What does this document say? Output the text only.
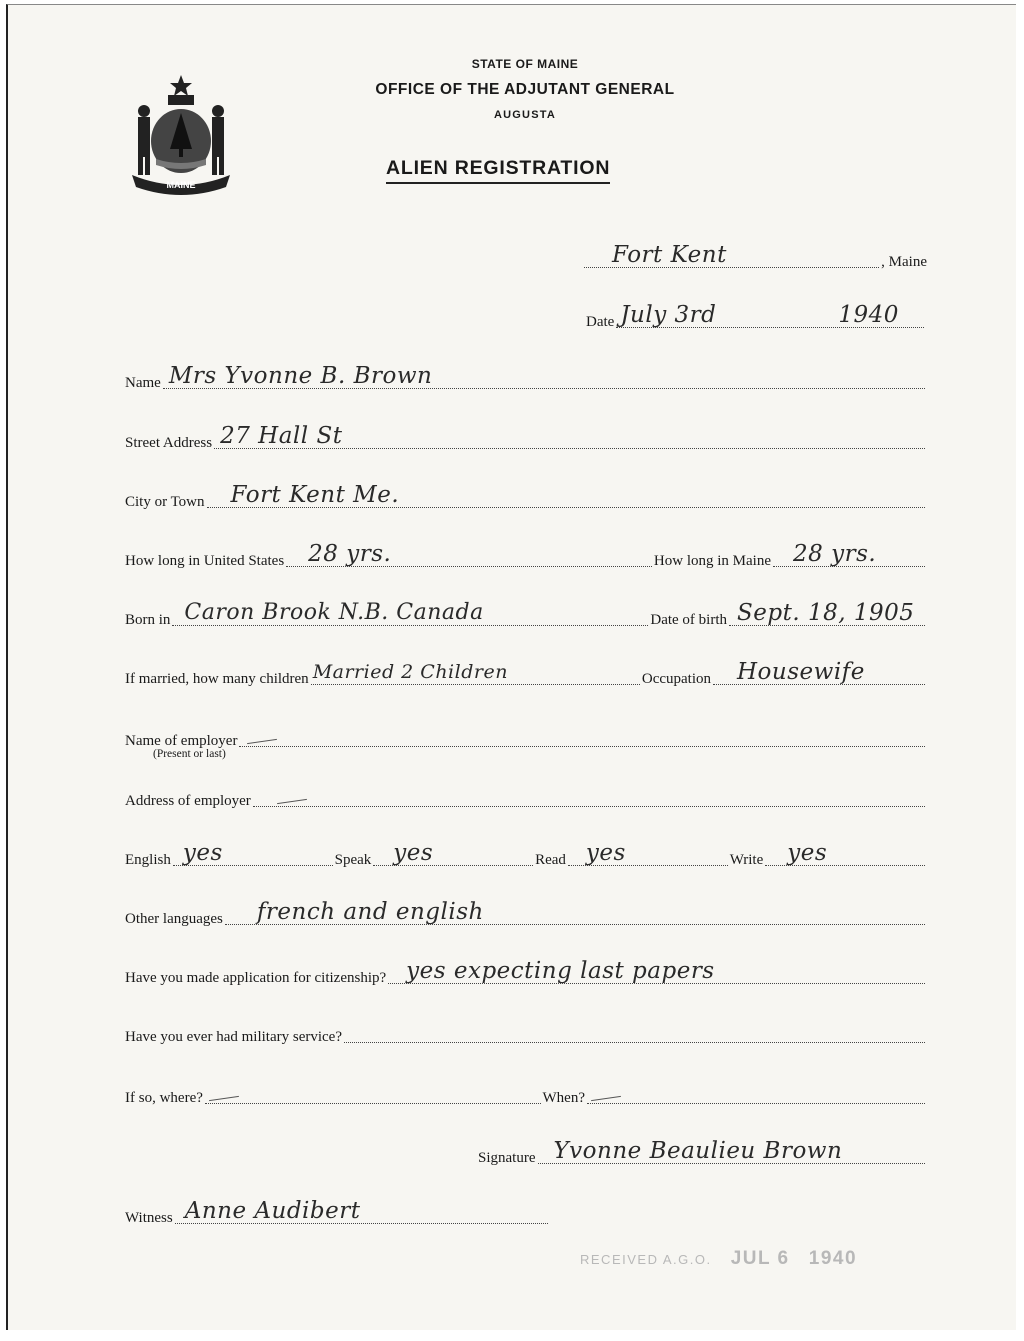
MAINE
STATE OF MAINE
OFFICE OF THE ADJUTANT GENERAL
AUGUSTA
ALIEN REGISTRATION
Fort Kent	, Maine
Date July 3rd	1940
Name Mrs Yvonne B. Brown
Street Address 27 Hall St
City or Town Fort Kent Me.
How long in United States 28 yrs.	How long in Maine 28 yrs.
Born in Caron Brook N.B. Canada	Date of birth Sept. 18, 1905
If married, how many children Married 2 Children	Occupation Housewife
Name of employer
(Present or last)
Address of employer
English yes	Speak yes	Read yes	Write yes
Other languages french and english
Have you made application for citizenship? yes expecting last papers
Have you ever had military service?
If so, where?	When?
Signature Yvonne Beaulieu Brown
Witness Anne Audibert
RECEIVED A.G.O. JUL 6 1940
